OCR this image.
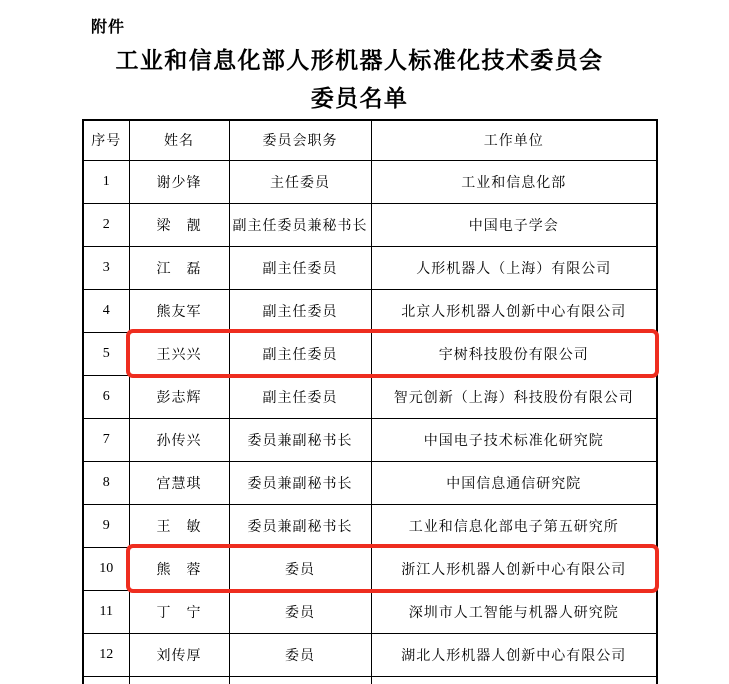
附件
工业和信息化部人形机器人标准化技术委员会
委员名单
序号	姓名	委员会职务	工作单位
1	谢少锋	主任委员	工业和信息化部
2	梁　靓	副主任委员兼秘书长	中国电子学会
3	江　磊	副主任委员	人形机器人（上海）有限公司
4	熊友军	副主任委员	北京人形机器人创新中心有限公司
5	王兴兴	副主任委员	宇树科技股份有限公司
6	彭志辉	副主任委员	智元创新（上海）科技股份有限公司
7	孙传兴	委员兼副秘书长	中国电子技术标准化研究院
8	宫慧琪	委员兼副秘书长	中国信息通信研究院
9	王　敏	委员兼副秘书长	工业和信息化部电子第五研究所
10	熊　蓉	委员	浙江人形机器人创新中心有限公司
11	丁　宁	委员	深圳市人工智能与机器人研究院
12	刘传厚	委员	湖北人形机器人创新中心有限公司
